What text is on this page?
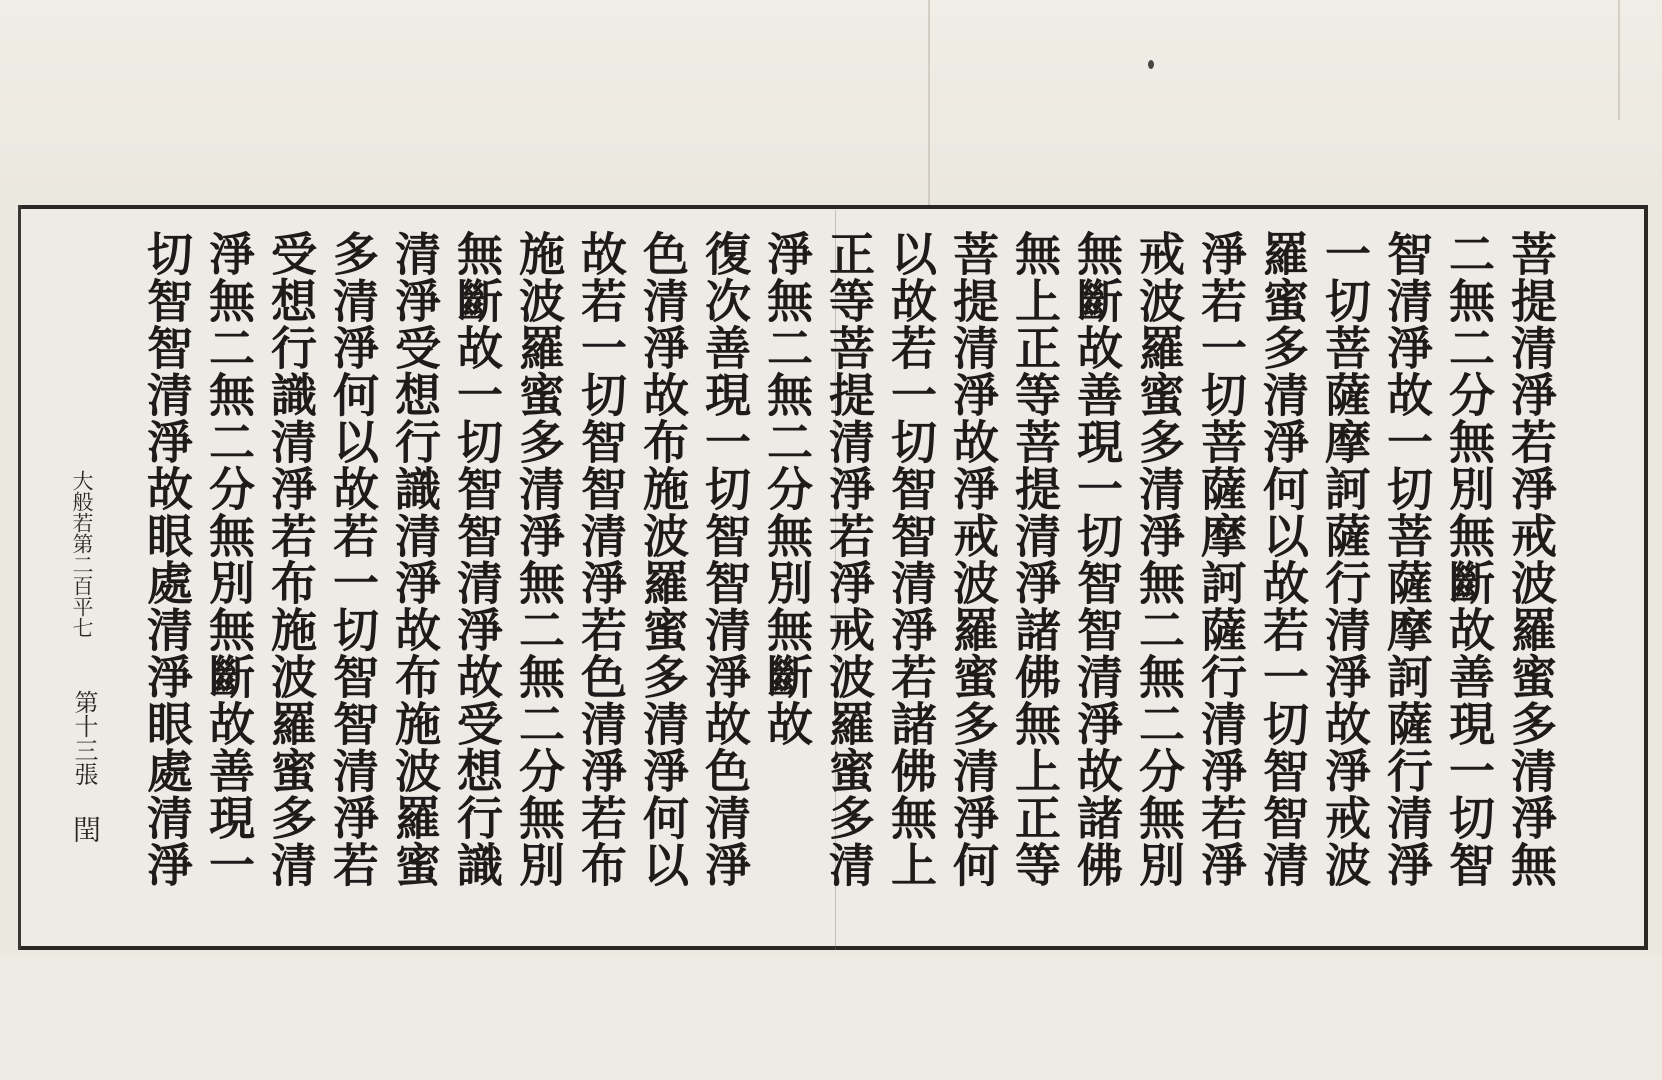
菩提清淨若淨戒波羅蜜多清淨無
二無二分無別無斷故善現一切智
智清淨故一切菩薩摩訶薩行清淨
一切菩薩摩訶薩行清淨故淨戒波
羅蜜多清淨何以故若一切智智清
淨若一切菩薩摩訶薩行清淨若淨
戒波羅蜜多清淨無二無二分無別
無斷故善現一切智智清淨故諸佛
無上正等菩提清淨諸佛無上正等
菩提清淨故淨戒波羅蜜多清淨何
以故若一切智智清淨若諸佛無上
正等菩提清淨若淨戒波羅蜜多清
淨無二無二分無別無斷故
復次善現一切智智清淨故色清淨
色清淨故布施波羅蜜多清淨何以
故若一切智智清淨若色清淨若布
施波羅蜜多清淨無二無二分無別
無斷故一切智智清淨故受想行識
清淨受想行識清淨故布施波羅蜜
多清淨何以故若一切智智清淨若
受想行識清淨若布施波羅蜜多清
淨無二無二分無別無斷故善現一
切智智清淨故眼處清淨眼處清淨
大般若第二百平七
第十三張
閏
